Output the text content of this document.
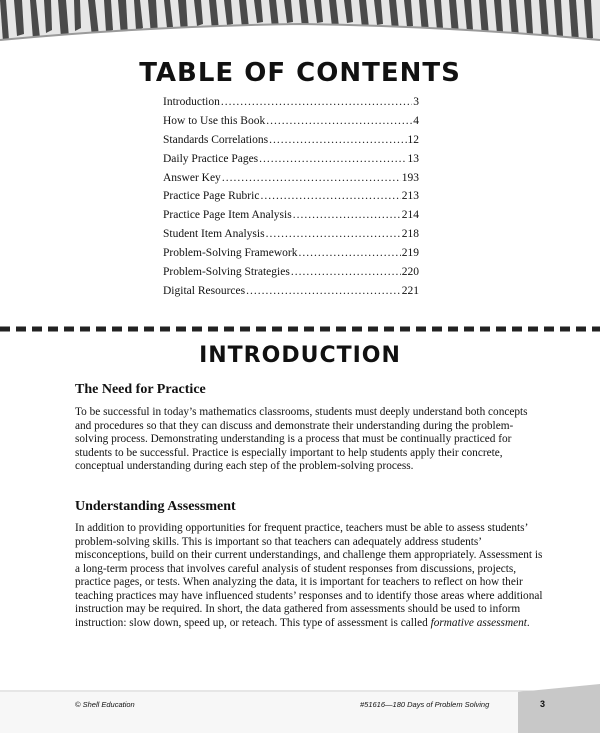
TABLE OF CONTENTS
Introduction .....	3
How to Use this Book .....	4
Standards Correlations .....	12
Daily Practice Pages .....	13
Answer Key .....	193
Practice Page Rubric .....	213
Practice Page Item Analysis .....	214
Student Item Analysis .....	218
Problem-Solving Framework .....	219
Problem-Solving Strategies .....	220
Digital Resources .....	221
INTRODUCTION
The Need for Practice

To be successful in today’s mathematics classrooms, students must deeply understand both concepts and procedures so that they can discuss and demonstrate their understanding during the problem-solving process. Demonstrating understanding is a process that must be continually practiced for students to be successful. Practice is especially important to help students apply their concrete, conceptual understanding during each step of the problem-solving process.

Understanding Assessment

In addition to providing opportunities for frequent practice, teachers must be able to assess students’ problem-solving skills. This is important so that teachers can adequately address students’ misconceptions, build on their current understandings, and challenge them appropriately. Assessment is a long-term process that involves careful analysis of student responses from discussions, projects, practice pages, or tests. When analyzing the data, it is important for teachers to reflect on how their teaching practices may have influenced students’ responses and to identify those areas where additional instruction may be required. In short, the data gathered from assessments should be used to inform instruction: slow down, speed up, or reteach. This type of assessment is called formative assessment.

© Shell Education	#51616—180 Days of Problem Solving	3
